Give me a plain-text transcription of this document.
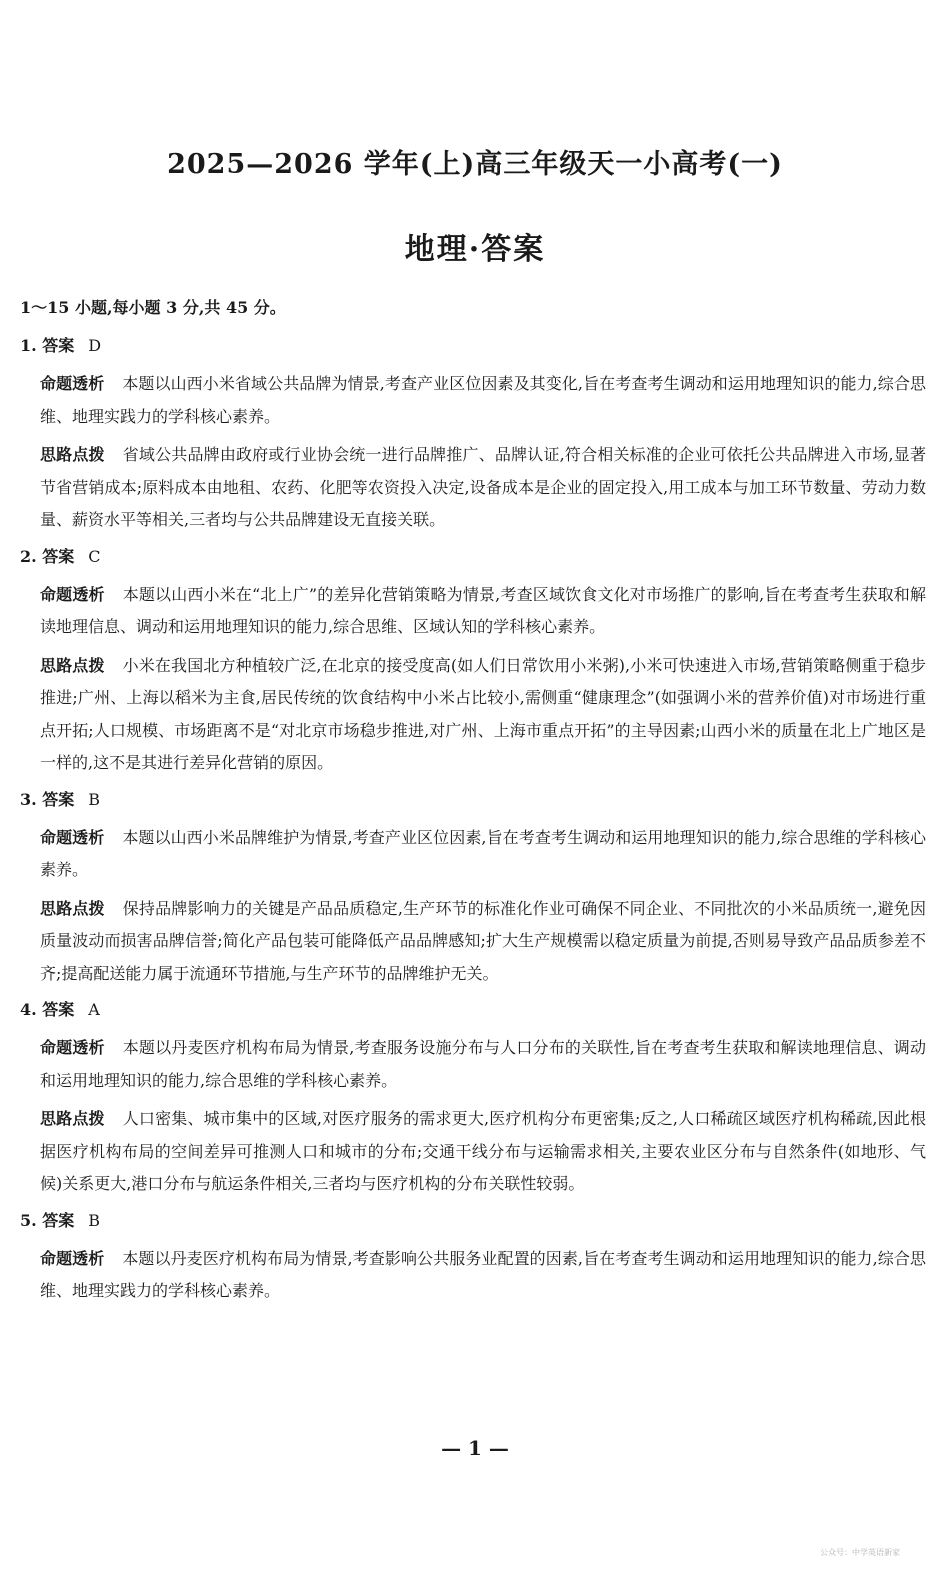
2025—2026 学年(上)高三年级天一小高考(一)
地理·答案
1～15 小题,每小题 3 分,共 45 分。
1. 答案 D
命题透析 本题以山西小米省域公共品牌为情景,考查产业区位因素及其变化,旨在考查考生调动和运用地理知识的能力,综合思维、地理实践力的学科核心素养。
思路点拨 省域公共品牌由政府或行业协会统一进行品牌推广、品牌认证,符合相关标准的企业可依托公共品牌进入市场,显著节省营销成本;原料成本由地租、农药、化肥等农资投入决定,设备成本是企业的固定投入,用工成本与加工环节数量、劳动力数量、薪资水平等相关,三者均与公共品牌建设无直接关联。
2. 答案 C
命题透析 本题以山西小米在“北上广”的差异化营销策略为情景,考查区域饮食文化对市场推广的影响,旨在考查考生获取和解读地理信息、调动和运用地理知识的能力,综合思维、区域认知的学科核心素养。
思路点拨 小米在我国北方种植较广泛,在北京的接受度高(如人们日常饮用小米粥),小米可快速进入市场,营销策略侧重于稳步推进;广州、上海以稻米为主食,居民传统的饮食结构中小米占比较小,需侧重“健康理念”(如强调小米的营养价值)对市场进行重点开拓;人口规模、市场距离不是“对北京市场稳步推进,对广州、上海市重点开拓”的主导因素;山西小米的质量在北上广地区是一样的,这不是其进行差异化营销的原因。
3. 答案 B
命题透析 本题以山西小米品牌维护为情景,考查产业区位因素,旨在考查考生调动和运用地理知识的能力,综合思维的学科核心素养。
思路点拨 保持品牌影响力的关键是产品品质稳定,生产环节的标准化作业可确保不同企业、不同批次的小米品质统一,避免因质量波动而损害品牌信誉;简化产品包装可能降低产品品牌感知;扩大生产规模需以稳定质量为前提,否则易导致产品品质参差不齐;提高配送能力属于流通环节措施,与生产环节的品牌维护无关。
4. 答案 A
命题透析 本题以丹麦医疗机构布局为情景,考查服务设施分布与人口分布的关联性,旨在考查考生获取和解读地理信息、调动和运用地理知识的能力,综合思维的学科核心素养。
思路点拨 人口密集、城市集中的区域,对医疗服务的需求更大,医疗机构分布更密集;反之,人口稀疏区域医疗机构稀疏,因此根据医疗机构布局的空间差异可推测人口和城市的分布;交通干线分布与运输需求相关,主要农业区分布与自然条件(如地形、气候)关系更大,港口分布与航运条件相关,三者均与医疗机构的分布关联性较弱。
5. 答案 B
命题透析 本题以丹麦医疗机构布局为情景,考查影响公共服务业配置的因素,旨在考查考生调动和运用地理知识的能力,综合思维、地理实践力的学科核心素养。
— 1 —
公众号：中学英语新家
